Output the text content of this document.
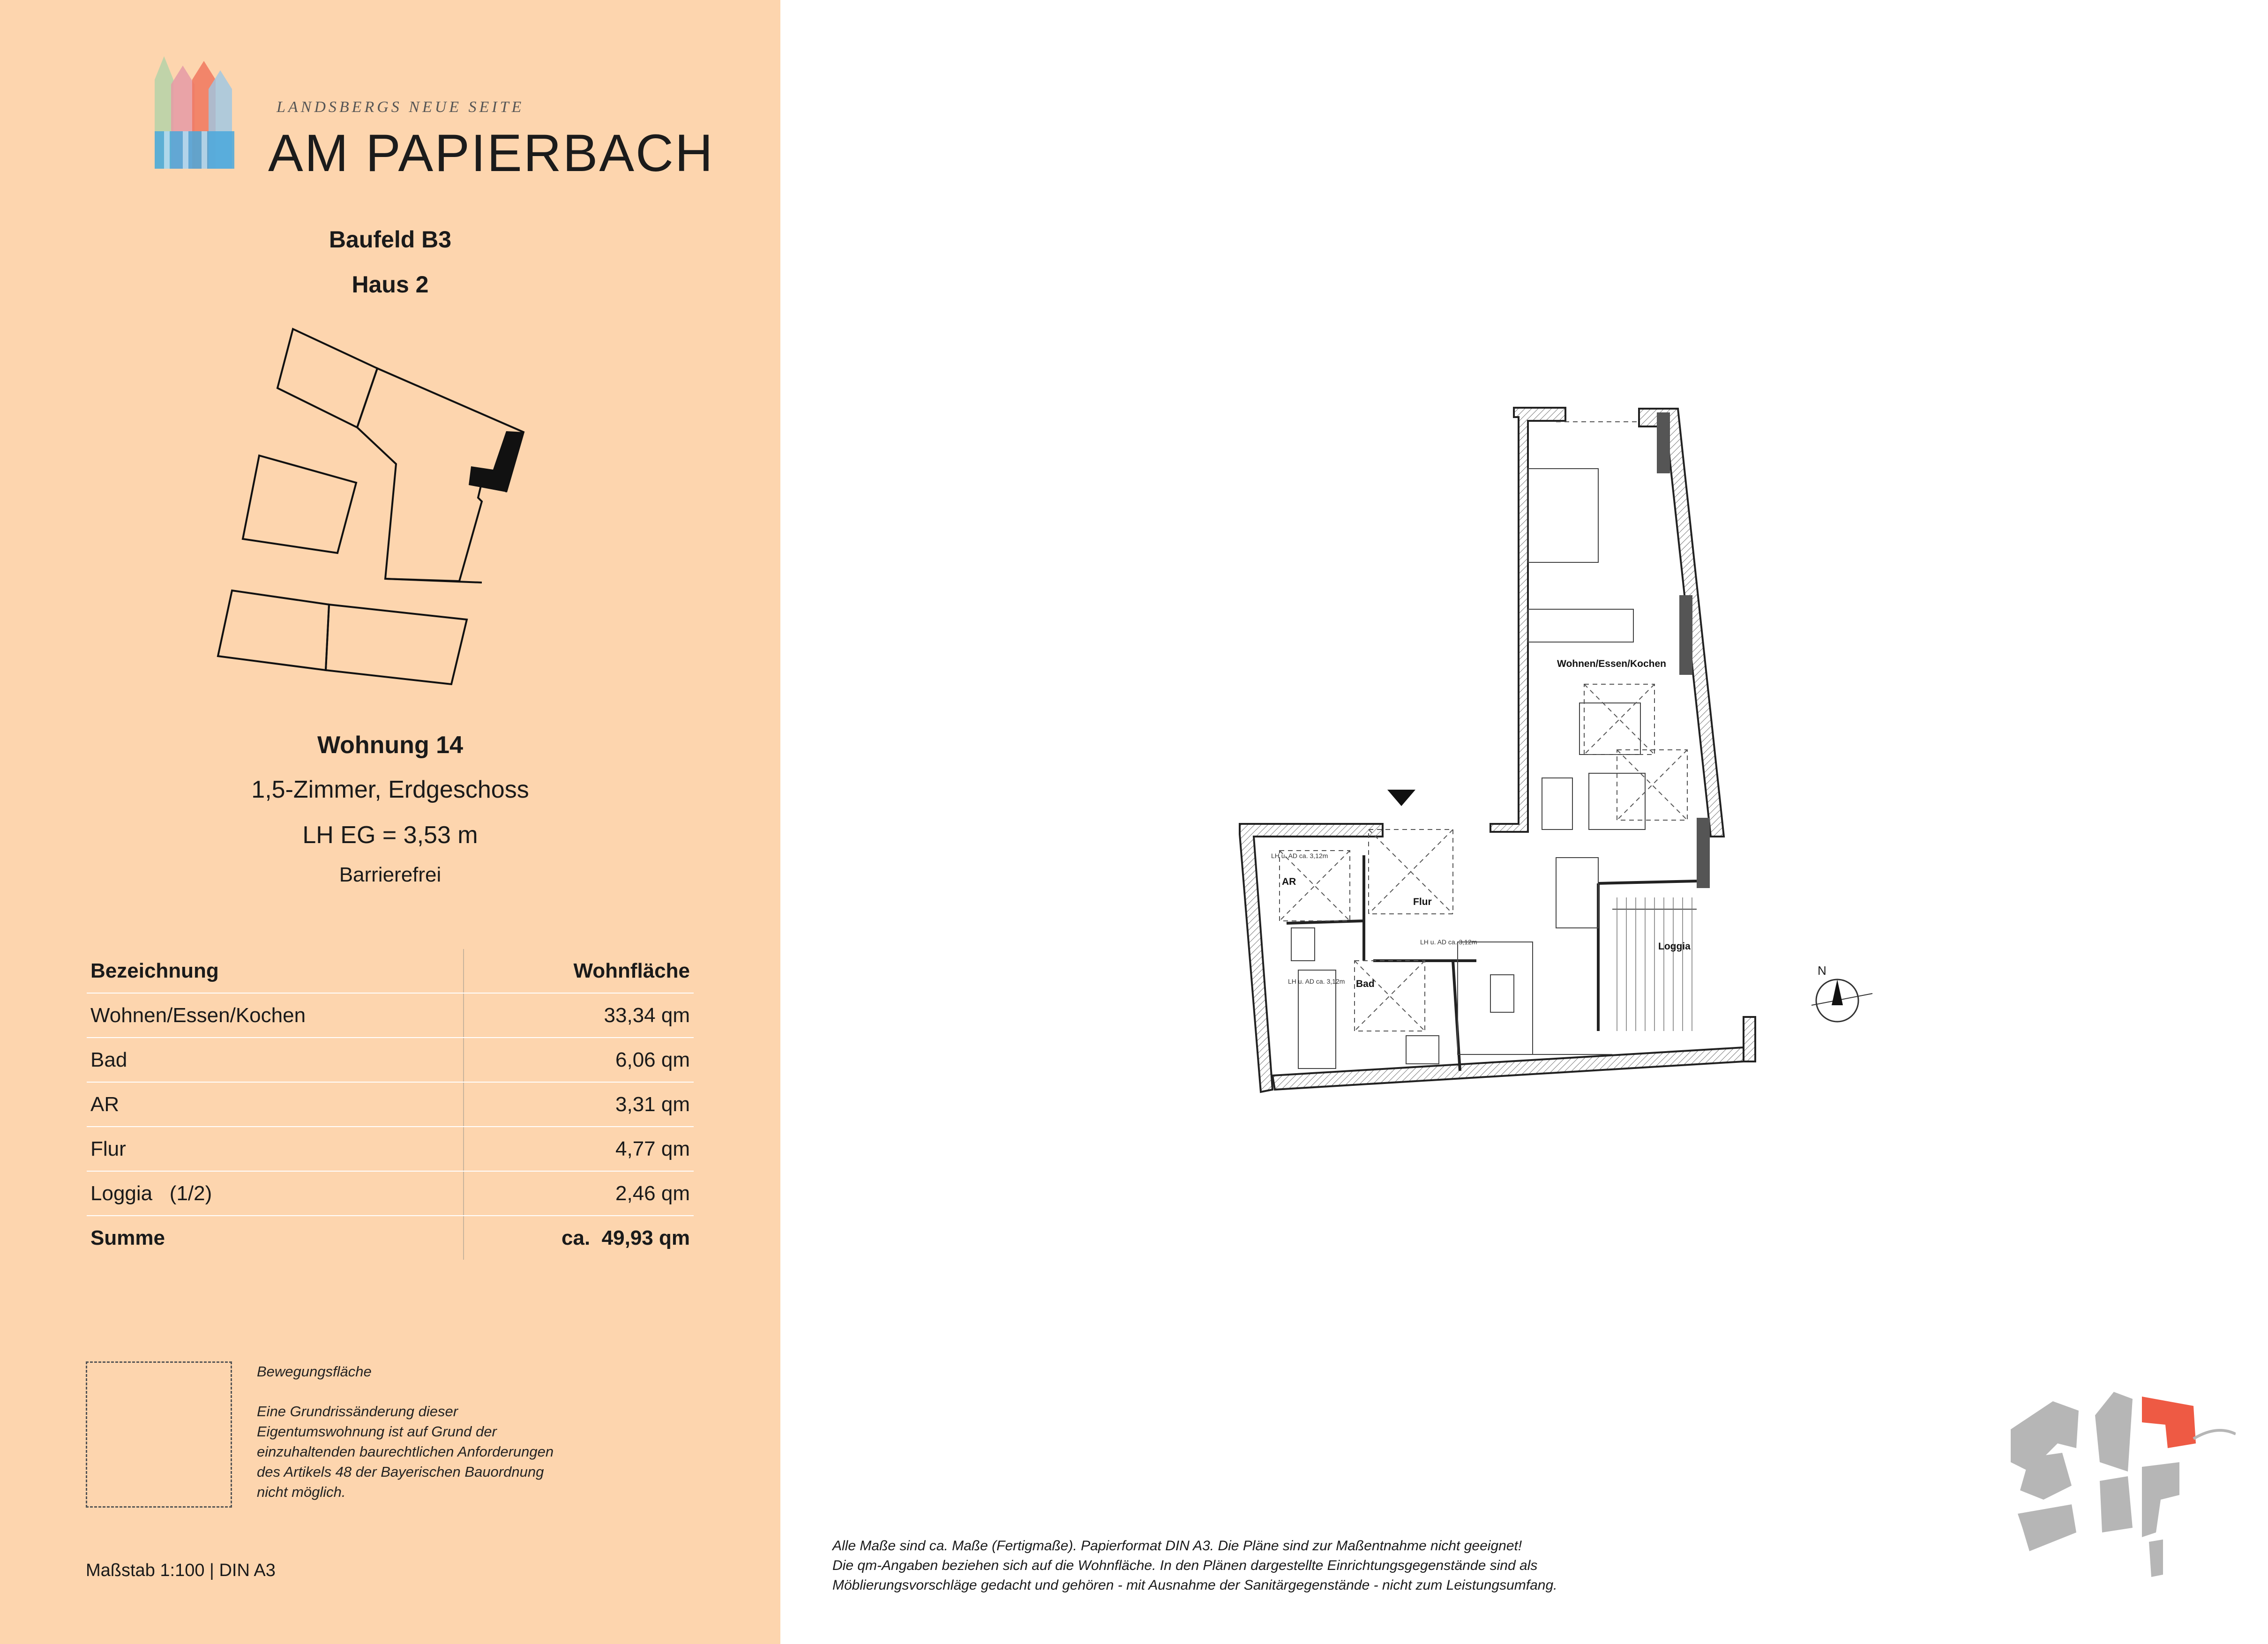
LANDSBERGS NEUE SEITE
AM PAPIERBACH
Baufeld B3
Haus 2
Wohnung 14
1,5-Zimmer, Erdgeschoss
LH EG = 3,53 m
Barrierefrei
Bezeichnung	Wohnfläche
Wohnen/Essen/Kochen	33,34 qm
Bad	6,06 qm
AR	3,31 qm
Flur	4,77 qm
Loggia   (1/2)	2,46 qm
Summe	ca.  49,93 qm
Bewegungsfläche
Eine Grundrissänderung dieser
Eigentumswohnung ist auf Grund der
einzuhaltenden baurechtlichen Anforderungen
des Artikels 48 der Bayerischen Bauordnung
nicht möglich.
Maßstab 1:100 | DIN A3
Wohnen/Essen/Kochen
AR
Flur
Bad
Loggia
LH u. AD ca. 3,12m
LH u. AD ca. 3,12m
LH u. AD ca. 3,12m
N
Alle Maße sind ca. Maße (Fertigmaße). Papierformat DIN A3. Die Pläne sind zur Maßentnahme nicht geeignet!
Die qm-Angaben beziehen sich auf die Wohnfläche. In den Plänen dargestellte Einrichtungsgegenstände sind als
Möblierungsvorschläge gedacht und gehören - mit Ausnahme der Sanitärgegenstände - nicht zum Leistungsumfang.
